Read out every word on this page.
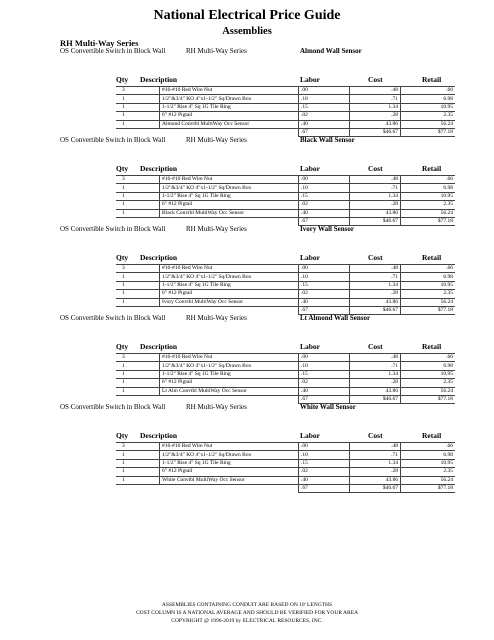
National Electrical Price Guide
Assemblies
RH Multi-Way Series
OS Convertible Switch in Block Wall	RH Multi-Way Series	Almond Wall Sensor
Qty Description	Labor	Cost	Retail
3	#16-#10 Red Wire Nut	.00	.48	.66
1	1/2"&3/4" KO 4"x1-1/2" Sq/Drawn Box	.18	.71	6.98
1	1-1/2" Rise 4" Sq 1G Tile Ring	.15	1.34	10.95
1	6" #12 Pigtail	.02	.28	2.35
1	Almond Convtbl MultiWay Occ Sensor	.40	43.86	56.24
		.67	$46.67	$77.18
OS Convertible Switch in Block Wall	RH Multi-Way Series	Black Wall Sensor
Qty Description	Labor	Cost	Retail
3	#16-#10 Red Wire Nut	.00	.48	.66
1	1/2"&3/4" KO 4"x1-1/2" Sq/Drawn Box	.10	.71	6.98
1	1-1/2" Rise 4" Sq 1G Tile Ring	.15	1.34	10.95
1	6" #12 Pigtail	.02	.28	2.35
1	Black Convtbl MultiWay Occ Sensor	.40	43.86	56.24
		.67	$46.67	$77.18
OS Convertible Switch in Block Wall	RH Multi-Way Series	Ivory Wall Sensor
Qty Description	Labor	Cost	Retail
3	#16-#10 Red Wire Nut	.00	.48	.66
1	1/2"&3/4" KO 4"x1-1/2" Sq/Drawn Box	.10	.71	6.98
1	1-1/2" Rise 4" Sq 1G Tile Ring	.15	1.34	10.95
1	6" #12 Pigtail	.02	.28	2.35
1	Ivory Convtbl MultiWay Occ Sensor	.40	43.86	56.24
		.67	$46.67	$77.18
OS Convertible Switch in Block Wall	RH Multi-Way Series	Lt Almond Wall Sensor
Qty Description	Labor	Cost	Retail
3	#16-#10 Red Wire Nut	.00	.48	.66
1	1/2"&3/4" KO 4"x1-1/2" Sq/Drawn Box	.10	.71	6.98
1	1-1/2" Rise 4" Sq 1G Tile Ring	.15	1.34	10.95
1	6" #12 Pigtail	.02	.28	2.35
1	Lt Alm Convtbl MultiWay Occ Sensor	.40	43.86	56.24
		.67	$46.67	$77.18
OS Convertible Switch in Block Wall	RH Multi-Way Series	White Wall Sensor
Qty Description	Labor	Cost	Retail
3	#16-#10 Red Wire Nut	.00	.48	.66
1	1/2"&3/4" KO 4"x1-1/2" Sq/Drawn Box	.10	.71	6.98
1	1-1/2" Rise 4" Sq 1G Tile Ring	.15	1.34	10.95
1	6" #12 Pigtail	.02	.28	2.35
1	White Convtbl MultiWay Occ Sensor	.40	43.86	56.24
		.67	$46.67	$77.18
ASSEMBLIES CONTAINING CONDUIT ARE BASED ON 10' LENGTHS
COST COLUMN IS A NATIONAL AVERAGE AND SHOULD BE VERIFIED FOR YOUR AREA
COPYRIGHT @ 1996-2019 by ELECTRICAL RESOURCES, INC.
